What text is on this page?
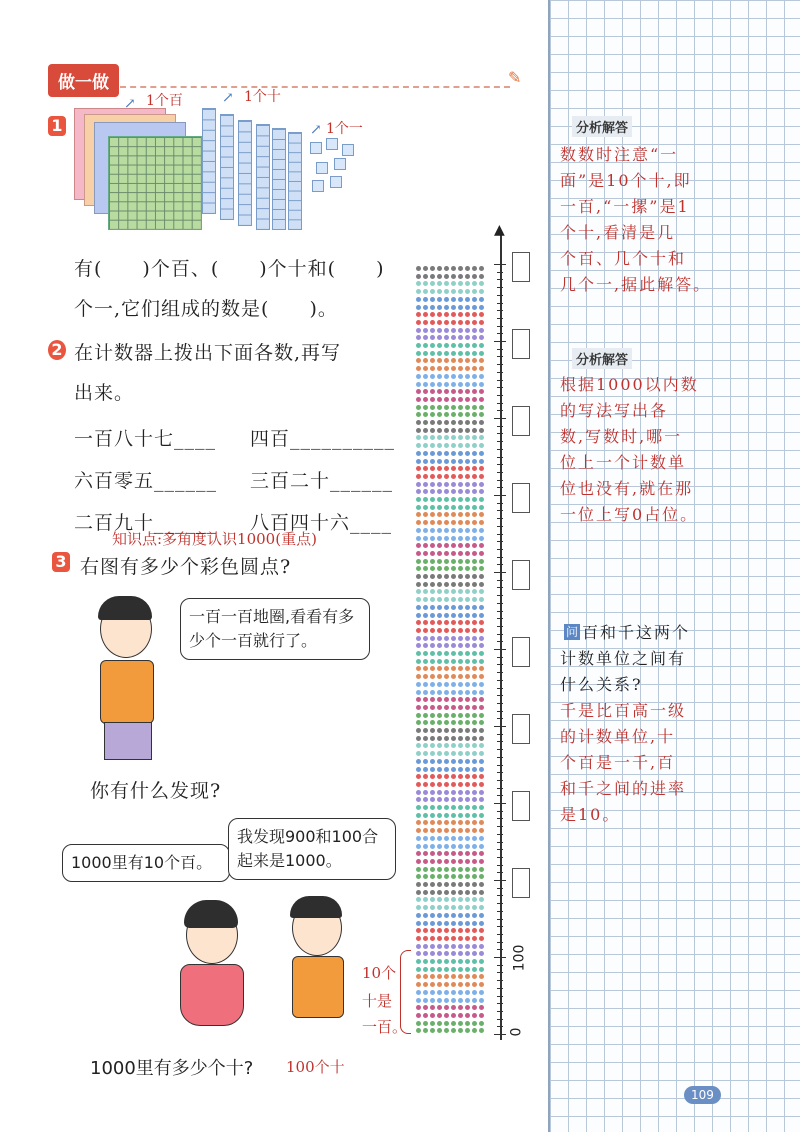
做一做	✎
1
1个百
↗	1个十
↗
1个一
↗
有(　　)个百、(　　)个十和(　　)
个一,它们组成的数是(　　)。
2 在计数器上拨出下面各数,再写
出来。
一百八十七____ 四百__________
六百零五______ 三百二十______
二百九十______ 八百四十六____
知识点:多角度认识1000(重点)
3 右图有多少个彩色圆点?
一百一百地圈,看看有多少个一百就行了。
你有什么发现?
1000里有10个百。
我发现900和100合起来是1000。
1000里有多少个十? 100个十
▲
100
0
10个
十是
一百。
分析解答
数数时注意“一
面”是10个十,即
一百,“一摞”是1
个十,看清是几
个百、几个十和
几个一,据此解答。
分析解答
根据1000以内数
的写法写出各
数,写数时,哪一
位上一个计数单
位也没有,就在那
一位上写0占位。
问 百和千这两个
计数单位之间有
什么关系?
千是比百高一级
的计数单位,十
个百是一千,百
和千之间的进率
是10。
109
